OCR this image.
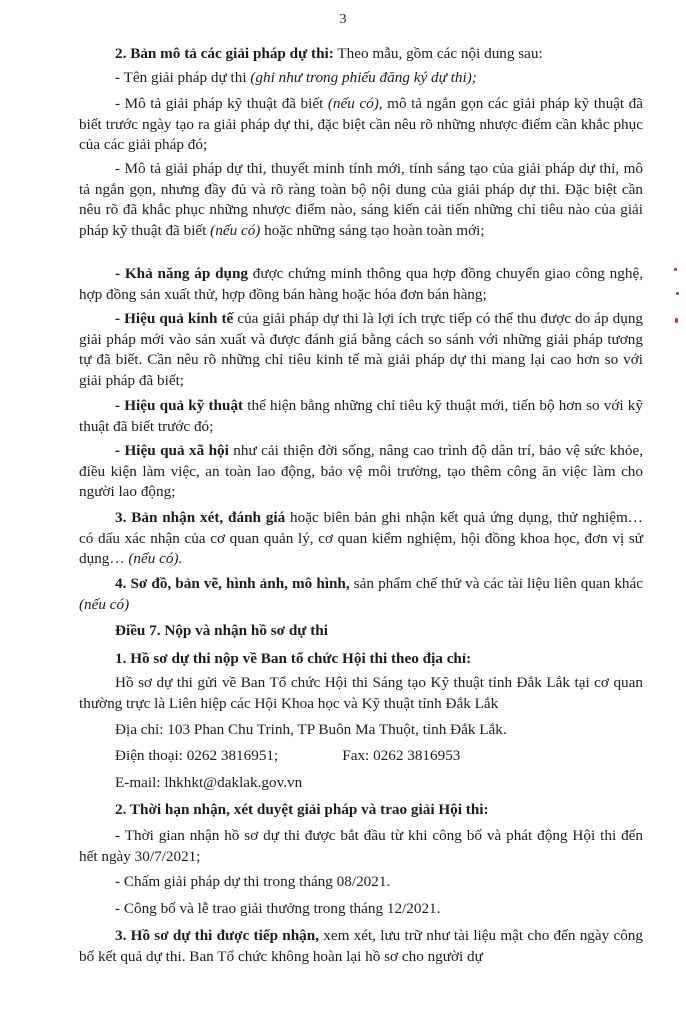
3

2. Bản mô tả các giải pháp dự thi: Theo mẫu, gồm các nội dung sau:

- Tên giải pháp dự thi (ghi như trong phiếu đăng ký dự thi);

- Mô tả giải pháp kỹ thuật đã biết (nếu có), mô tả ngắn gọn các giải pháp kỹ thuật đã biết trước ngày tạo ra giải pháp dự thi, đặc biệt cần nêu rõ những nhược điểm cần khắc phục của các giải pháp đó;

- Mô tả giải pháp dự thi, thuyết minh tính mới, tính sáng tạo của giải pháp dự thi, mô tả ngắn gọn, nhưng đầy đủ và rõ ràng toàn bộ nội dung của giải pháp dự thi. Đặc biệt cần nêu rõ đã khắc phục những nhược điểm nào, sáng kiến cải tiến những chỉ tiêu nào của giải pháp kỹ thuật đã biết (nếu có) hoặc những sáng tạo hoàn toàn mới;

- Khả năng áp dụng được chứng minh thông qua hợp đồng chuyển giao công nghệ, hợp đồng sản xuất thử, hợp đồng bán hàng hoặc hóa đơn bán hàng;

- Hiệu quả kinh tế của giải pháp dự thi là lợi ích trực tiếp có thể thu được do áp dụng giải pháp mới vào sản xuất và được đánh giá bằng cách so sánh với những giải pháp tương tự đã biết. Cần nêu rõ những chỉ tiêu kinh tế mà giải pháp dự thi mang lại cao hơn so với giải pháp đã biết;

- Hiệu quả kỹ thuật thể hiện bằng những chỉ tiêu kỹ thuật mới, tiến bộ hơn so với kỹ thuật đã biết trước đó;

- Hiệu quả xã hội như cải thiện đời sống, nâng cao trình độ dân trí, bảo vệ sức khỏe, điều kiện làm việc, an toàn lao động, bảo vệ môi trường, tạo thêm công ăn việc làm cho người lao động;

3. Bản nhận xét, đánh giá hoặc biên bản ghi nhận kết quả ứng dụng, thử nghiệm… có dấu xác nhận của cơ quan quản lý, cơ quan kiểm nghiệm, hội đồng khoa học, đơn vị sử dụng… (nếu có).

4. Sơ đồ, bản vẽ, hình ảnh, mô hình, sản phẩm chế thử và các tài liệu liên quan khác (nếu có)

Điều 7. Nộp và nhận hồ sơ dự thi

1. Hồ sơ dự thi nộp về Ban tổ chức Hội thi theo địa chỉ:

Hồ sơ dự thi gửi về Ban Tổ chức Hội thi Sáng tạo Kỹ thuật tỉnh Đắk Lắk tại cơ quan thường trực là Liên hiệp các Hội Khoa học và Kỹ thuật tỉnh Đắk Lắk

Địa chỉ: 103 Phan Chu Trinh, TP Buôn Ma Thuột, tỉnh Đắk Lắk.

Điện thoại: 0262 3816951;	Fax: 0262 3816953

E-mail: lhkhkt@daklak.gov.vn

2. Thời hạn nhận, xét duyệt giải pháp và trao giải Hội thi:

- Thời gian nhận hồ sơ dự thi được bắt đầu từ khi công bố và phát động Hội thi đến hết ngày 30/7/2021;

- Chấm giải pháp dự thi trong tháng 08/2021.

- Công bố và lễ trao giải thưởng trong tháng 12/2021.

3. Hồ sơ dự thi được tiếp nhận, xem xét, lưu trữ như tài liệu mật cho đến ngày công bố kết quả dự thi. Ban Tổ chức không hoàn lại hồ sơ cho người dự
